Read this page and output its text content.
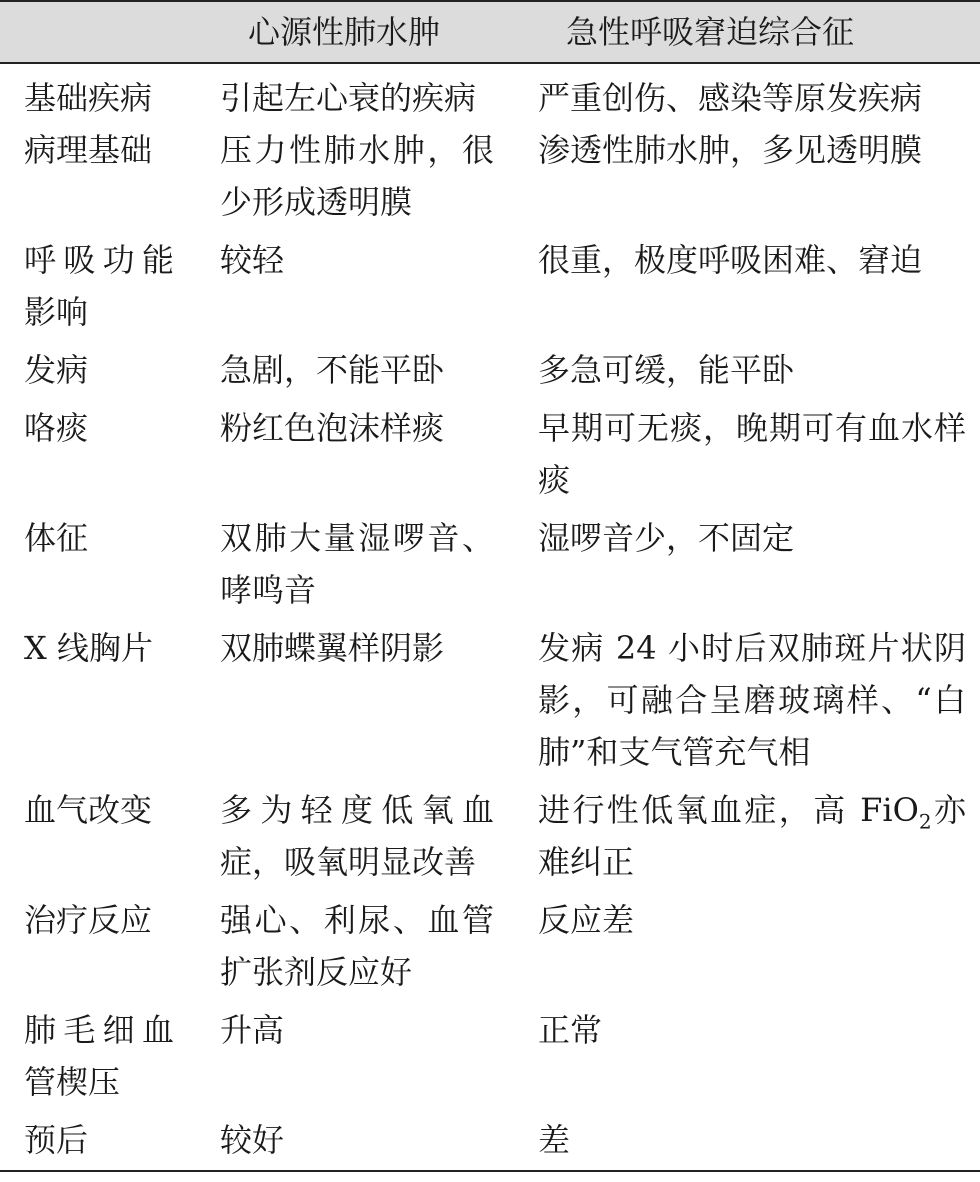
	心源性肺水肿	急性呼吸窘迫综合征
基础疾病	引起左心衰的疾病	严重创伤、感染等原发疾病
病理基础	压力性肺水肿，很少形成透明膜	渗透性肺水肿，多见透明膜
呼吸功能影响	较轻	很重，极度呼吸困难、窘迫
发病	急剧，不能平卧	多急可缓，能平卧
咯痰	粉红色泡沫样痰	早期可无痰，晚期可有血水样痰
体征	双肺大量湿啰音、哮鸣音	湿啰音少，不固定
X 线胸片	双肺蝶翼样阴影	发病 24 小时后双肺斑片状阴影，可融合呈磨玻璃样、“白肺”和支气管充气相
血气改变	多为轻度低氧血症，吸氧明显改善	进行性低氧血症，高 FiO$_2$亦难纠正
治疗反应	强心、利尿、血管扩张剂反应好	反应差
肺毛细血管楔压	升高	正常
预后	较好	差
